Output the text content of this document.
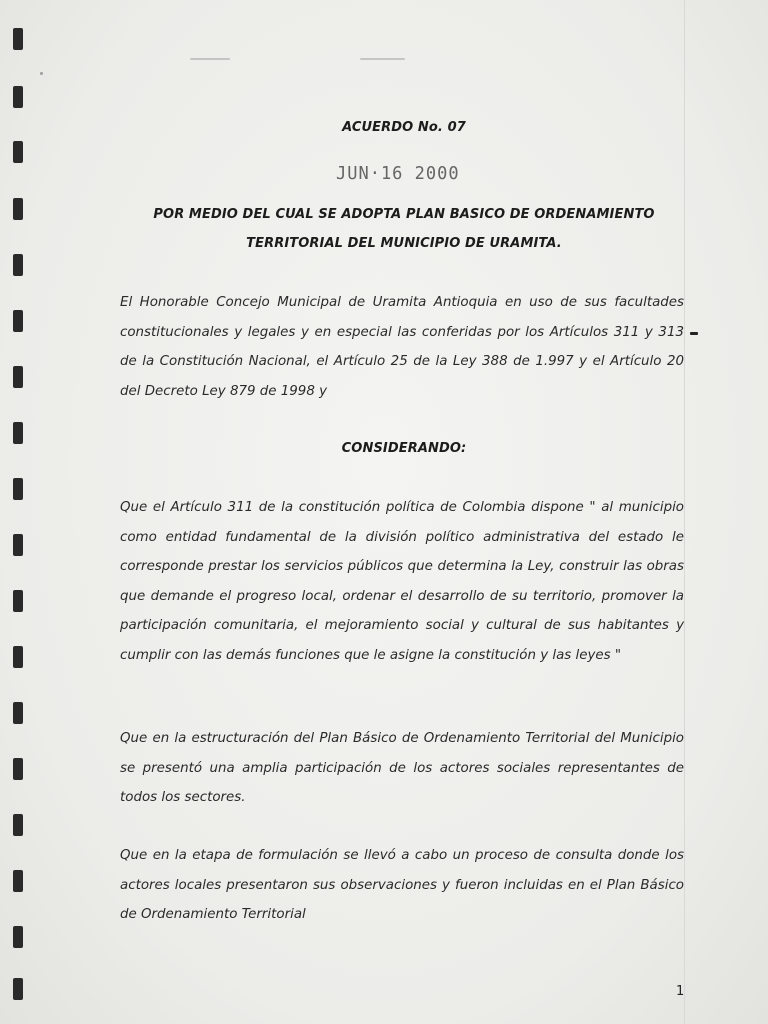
ACUERDO No. 07
JUN·16 2000
POR MEDIO DEL CUAL SE ADOPTA PLAN BASICO DE ORDENAMIENTO
TERRITORIAL DEL MUNICIPIO DE URAMITA.
El Honorable Concejo Municipal de Uramita Antioquia en uso de sus facultades constitucionales y legales y en especial las conferidas por los Artículos 311 y 313 de la Constitución Nacional, el Artículo 25 de la Ley 388 de 1.997 y el Artículo 20 del Decreto Ley 879 de 1998 y
CONSIDERANDO:
Que el Artículo 311 de la constitución política de Colombia dispone " al municipio como entidad fundamental de la división político administrativa del estado le corresponde prestar los servicios públicos que determina la Ley, construir las obras que demande el progreso local, ordenar el desarrollo de su territorio, promover la participación comunitaria, el mejoramiento social y cultural de sus habitantes y cumplir con las demás funciones que le asigne la constitución y las leyes "
Que en la estructuración del Plan Básico de Ordenamiento Territorial del Municipio se presentó una amplia participación de los actores sociales representantes de todos los sectores.
Que en la etapa de formulación se llevó a cabo un proceso de consulta donde los actores locales presentaron sus observaciones y fueron incluidas en el Plan Básico de Ordenamiento Territorial
1
